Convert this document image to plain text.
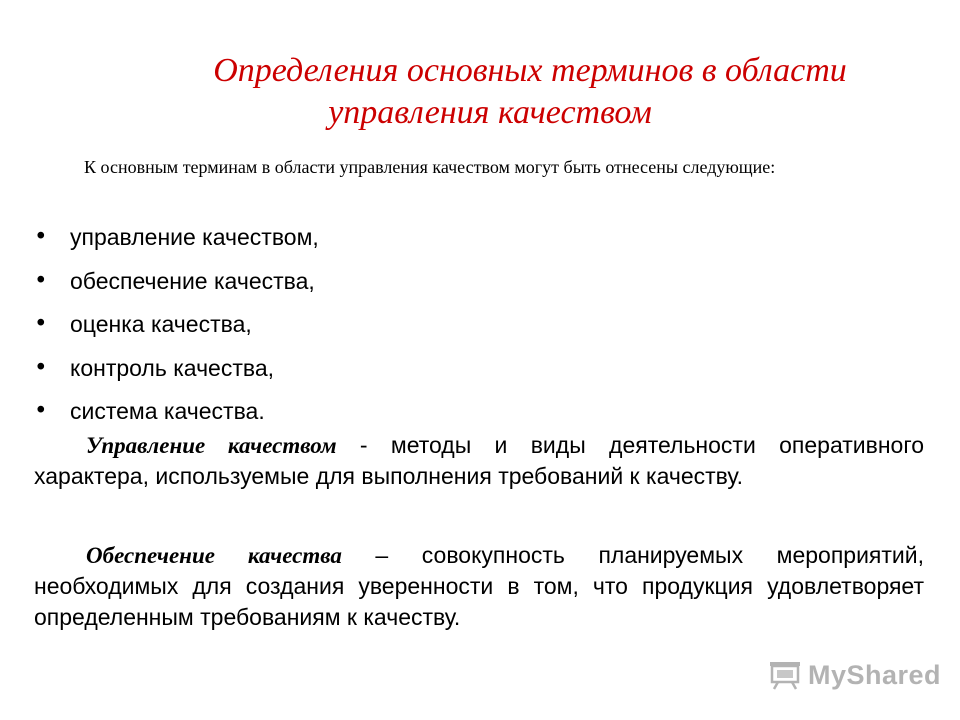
Определения основных терминов в области
управления качеством

К основным терминам в области управления качеством могут быть отнесены следующие:

• управление качеством,
• обеспечение качества,
• оценка качества,
• контроль качества,
• система качества.

Управление качеством - методы и виды деятельности оперативного характера, используемые для выполнения требований к качеству.

Обеспечение качества – совокупность планируемых мероприятий, необходимых для создания уверенности в том, что продукция удовлетворяет определенным требованиям к качеству.

MyShared
